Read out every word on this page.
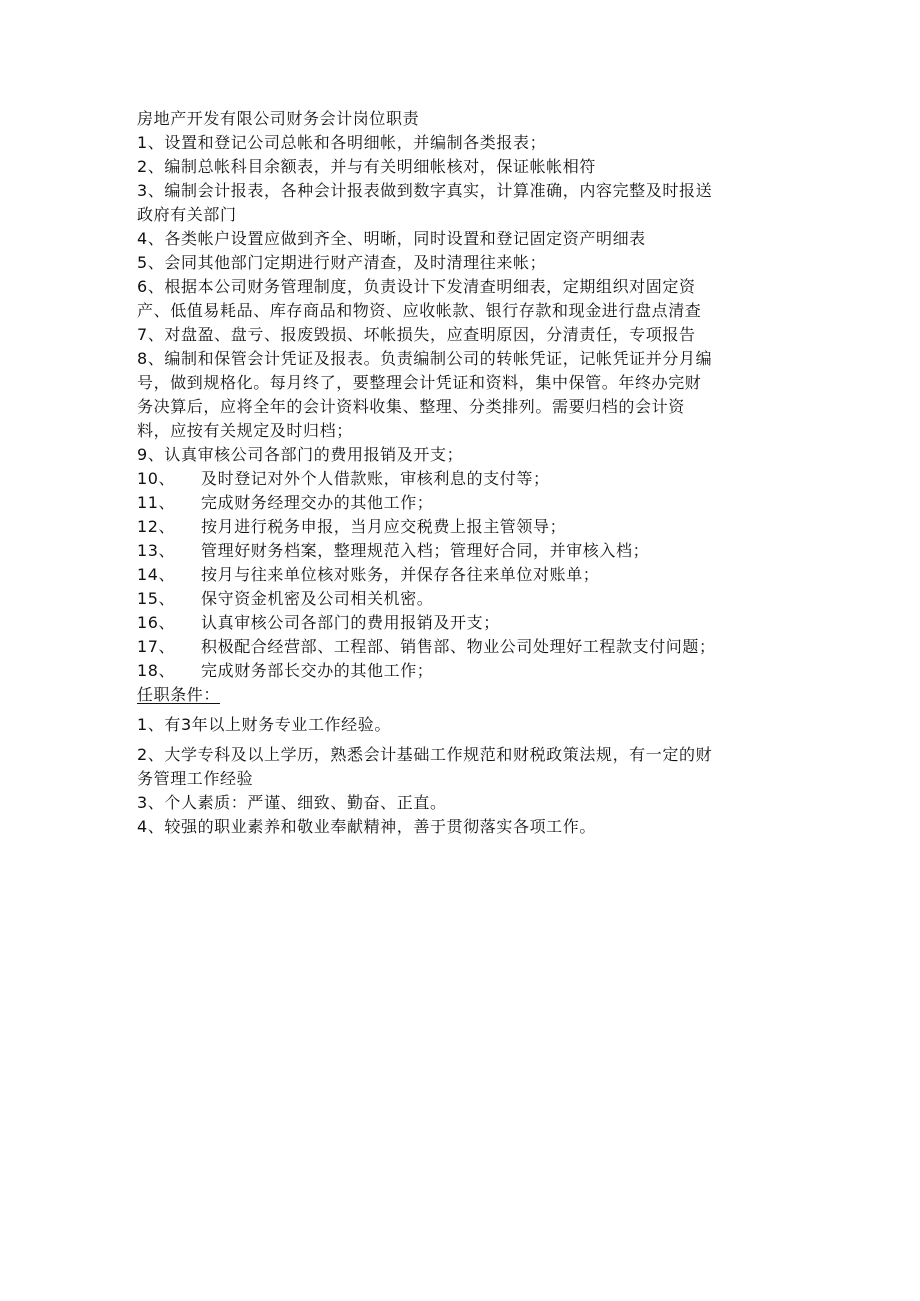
房地产开发有限公司财务会计岗位职责
1、设置和登记公司总帐和各明细帐，并编制各类报表；
2、编制总帐科目余额表，并与有关明细帐核对，保证帐帐相符
3、编制会计报表，各种会计报表做到数字真实，计算准确，内容完整及时报送
政府有关部门
4、各类帐户设置应做到齐全、明晰，同时设置和登记固定资产明细表
5、会同其他部门定期进行财产清查，及时清理往来帐；
6、根据本公司财务管理制度，负责设计下发清查明细表，定期组织对固定资
产、低值易耗品、库存商品和物资、应收帐款、银行存款和现金进行盘点清查
7、对盘盈、盘亏、报废毁损、坏帐损失，应查明原因，分清责任，专项报告
8、编制和保管会计凭证及报表。负责编制公司的转帐凭证，记帐凭证并分月编
号，做到规格化。每月终了，要整理会计凭证和资料，集中保管。年终办完财
务决算后，应将全年的会计资料收集、整理、分类排列。需要归档的会计资
料，应按有关规定及时归档；
9、认真审核公司各部门的费用报销及开支；
10、	及时登记对外个人借款账，审核利息的支付等；
11、	完成财务经理交办的其他工作；
12、	按月进行税务申报，当月应交税费上报主管领导；
13、	管理好财务档案，整理规范入档；管理好合同，并审核入档；
14、	按月与往来单位核对账务，并保存各往来单位对账单；
15、	保守资金机密及公司相关机密。
16、	认真审核公司各部门的费用报销及开支；
17、	积极配合经营部、工程部、销售部、物业公司处理好工程款支付问题；
18、	完成财务部长交办的其他工作；
任职条件：
1、有3年以上财务专业工作经验。
2、大学专科及以上学历，熟悉会计基础工作规范和财税政策法规，有一定的财
务管理工作经验
3、个人素质：严谨、细致、勤奋、正直。
4、较强的职业素养和敬业奉献精神，善于贯彻落实各项工作。
